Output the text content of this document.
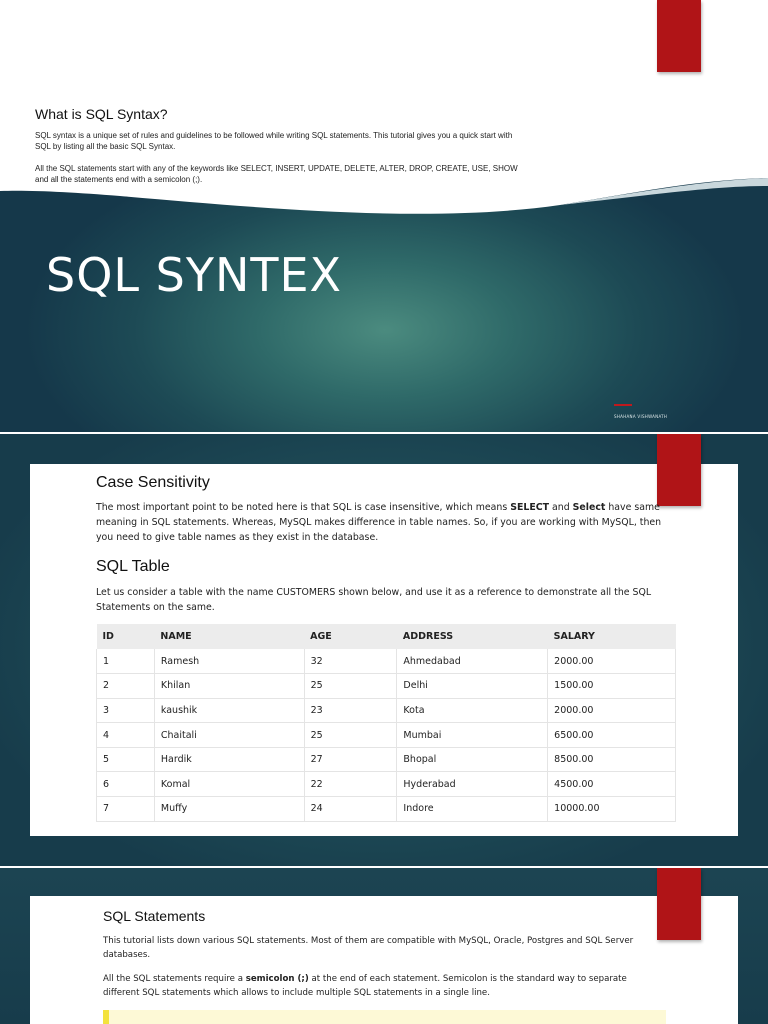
What is SQL Syntax?
SQL syntax is a unique set of rules and guidelines to be followed while writing SQL statements. This tutorial gives you a quick start with SQL by listing all the basic SQL Syntax.
All the SQL statements start with any of the keywords like SELECT, INSERT, UPDATE, DELETE, ALTER, DROP, CREATE, USE, SHOW and all the statements end with a semicolon (;).
SQL SYNTEX
SHAHANA VISHWANATH
Case Sensitivity
The most important point to be noted here is that SQL is case insensitive, which means SELECT and Select have same meaning in SQL statements. Whereas, MySQL makes difference in table names. So, if you are working with MySQL, then you need to give table names as they exist in the database.
SQL Table
Let us consider a table with the name CUSTOMERS shown below, and use it as a reference to demonstrate all the SQL Statements on the same.
ID	NAME	AGE	ADDRESS	SALARY
1	Ramesh	32	Ahmedabad	2000.00
2	Khilan	25	Delhi	1500.00
3	kaushik	23	Kota	2000.00
4	Chaitali	25	Mumbai	6500.00
5	Hardik	27	Bhopal	8500.00
6	Komal	22	Hyderabad	4500.00
7	Muffy	24	Indore	10000.00
SQL Statements
This tutorial lists down various SQL statements. Most of them are compatible with MySQL, Oracle, Postgres and SQL Server databases.
All the SQL statements require a semicolon (;) at the end of each statement. Semicolon is the standard way to separate different SQL statements which allows to include multiple SQL statements in a single line.
